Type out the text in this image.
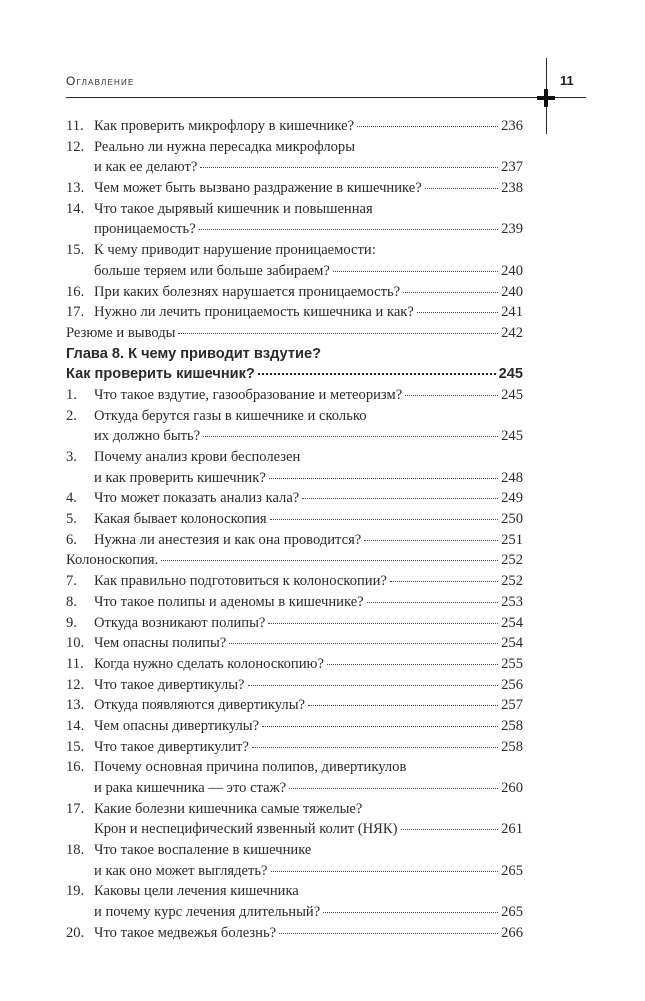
Оглавление	11
11. Как проверить микрофлору в кишечнике?	236
12. Реально ли нужна пересадка микрофлоры
и как ее делают?	237
13. Чем может быть вызвано раздражение в кишечнике?	238
14. Что такое дырявый кишечник и повышенная
проницаемость?	239
15. К чему приводит нарушение проницаемости:
больше теряем или больше забираем?	240
16. При каких болезнях нарушается проницаемость?	240
17. Нужно ли лечить проницаемость кишечника и как?	241
Резюме и выводы	242
Глава 8. К чему приводит вздутие?
Как проверить кишечник?	245
1.	Что такое вздутие, газообразование и метеоризм?	245
2.	Откуда берутся газы в кишечнике и сколько
их должно быть?	245
3.	Почему анализ крови бесполезен
и как проверить кишечник?	248
4.	Что может показать анализ кала?	249
5.	Какая бывает колоноскопия	250
6.	Нужна ли анестезия и как она проводится?	251
Колоноскопия.	252
7.	Как правильно подготовиться к колоноскопии?	252
8.	Что такое полипы и аденомы в кишечнике?	253
9.	Откуда возникают полипы?	254
10. Чем опасны полипы?	254
11. Когда нужно сделать колоноскопию?	255
12. Что такое дивертикулы?	256
13. Откуда появляются дивертикулы?	257
14. Чем опасны дивертикулы?	258
15. Что такое дивертикулит?	258
16. Почему основная причина полипов, дивертикулов
и рака кишечника — это стаж?	260
17. Какие болезни кишечника самые тяжелые?
Крон и неспецифический язвенный колит (НЯК)	261
18. Что такое воспаление в кишечнике
и как оно может выглядеть?	265
19. Каковы цели лечения кишечника
и почему курс лечения длительный?	265
20. Что такое медвежья болезнь?	266
